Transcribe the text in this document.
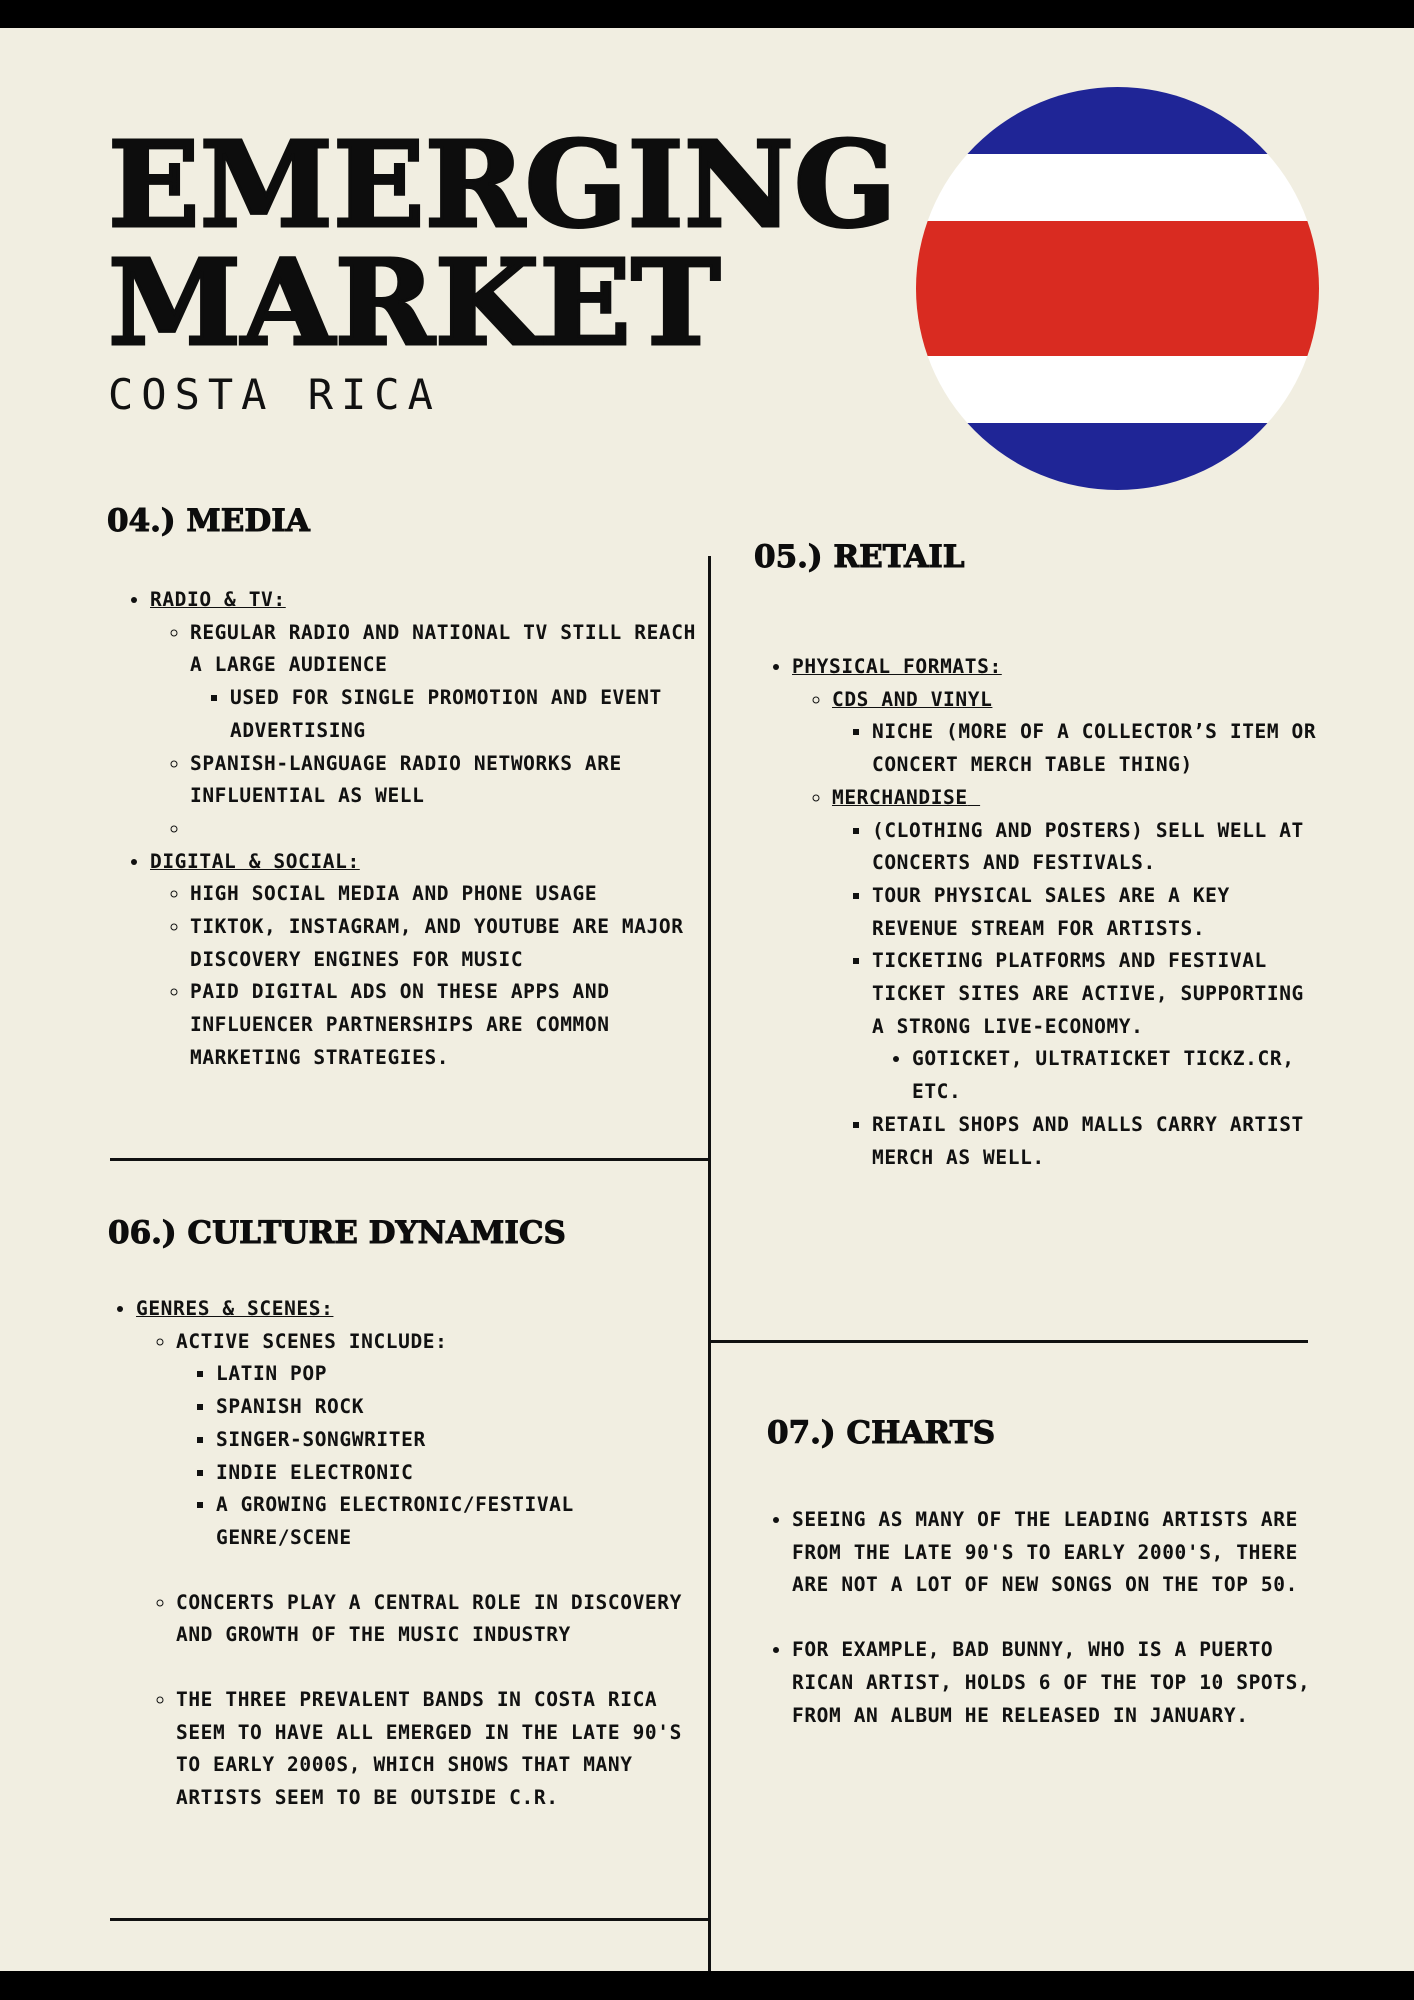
EMERGING
MARKET
COSTA RICA
04.) MEDIA
• RADIO & TV:
◦ REGULAR RADIO AND NATIONAL TV STILL REACH A LARGE AUDIENCE
▪ USED FOR SINGLE PROMOTION AND EVENT ADVERTISING
◦ SPANISH-LANGUAGE RADIO NETWORKS ARE INFLUENTIAL AS WELL
◦
• DIGITAL & SOCIAL:
◦ HIGH SOCIAL MEDIA AND PHONE USAGE
◦ TIKTOK, INSTAGRAM, AND YOUTUBE ARE MAJOR DISCOVERY ENGINES FOR MUSIC
◦ PAID DIGITAL ADS ON THESE APPS AND INFLUENCER PARTNERSHIPS ARE COMMON MARKETING STRATEGIES.
05.) RETAIL
• PHYSICAL FORMATS:
◦ CDS AND VINYL
▪ NICHE (MORE OF A COLLECTOR’S ITEM OR CONCERT MERCH TABLE THING)
◦ MERCHANDISE
▪ (CLOTHING AND POSTERS) SELL WELL AT CONCERTS AND FESTIVALS.
▪ TOUR PHYSICAL SALES ARE A KEY REVENUE STREAM FOR ARTISTS.
▪ TICKETING PLATFORMS AND FESTIVAL TICKET SITES ARE ACTIVE, SUPPORTING A STRONG LIVE-ECONOMY.
• GOTICKET, ULTRATICKET TICKZ.CR, ETC.
▪ RETAIL SHOPS AND MALLS CARRY ARTIST MERCH AS WELL.
06.) CULTURE DYNAMICS
• GENRES & SCENES:
◦ ACTIVE SCENES INCLUDE:
▪ LATIN POP
▪ SPANISH ROCK
▪ SINGER-SONGWRITER
▪ INDIE ELECTRONIC
▪ A GROWING ELECTRONIC/FESTIVAL GENRE/SCENE
◦ CONCERTS PLAY A CENTRAL ROLE IN DISCOVERY AND GROWTH OF THE MUSIC INDUSTRY
◦ THE THREE PREVALENT BANDS IN COSTA RICA SEEM TO HAVE ALL EMERGED IN THE LATE 90'S TO EARLY 2000S, WHICH SHOWS THAT MANY ARTISTS SEEM TO BE OUTSIDE C.R.
07.) CHARTS
• SEEING AS MANY OF THE LEADING ARTISTS ARE FROM THE LATE 90'S TO EARLY 2000'S, THERE ARE NOT A LOT OF NEW SONGS ON THE TOP 50.
• FOR EXAMPLE, BAD BUNNY, WHO IS A PUERTO RICAN ARTIST, HOLDS 6 OF THE TOP 10 SPOTS, FROM AN ALBUM HE RELEASED IN JANUARY.
